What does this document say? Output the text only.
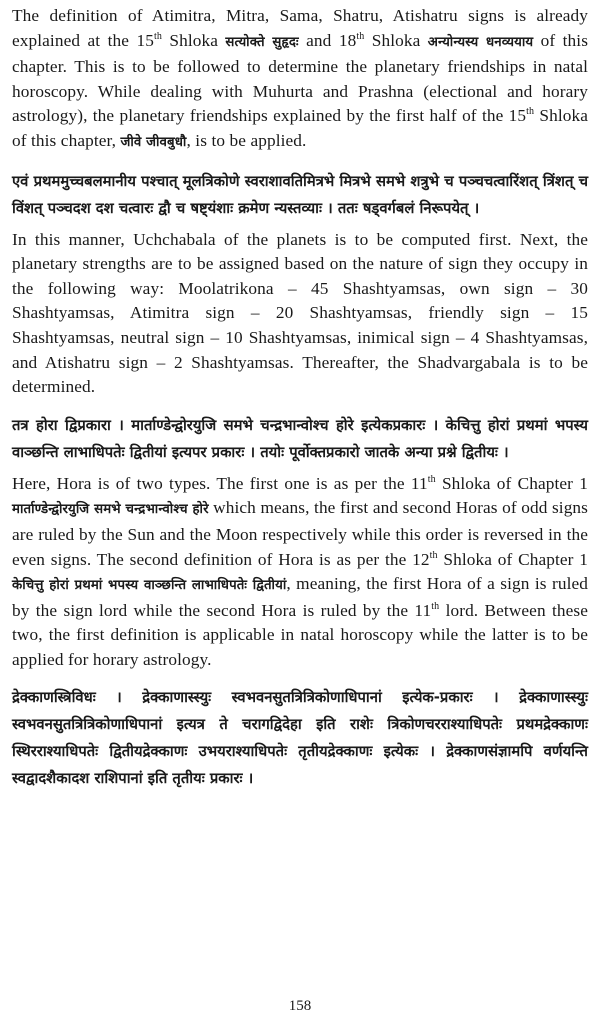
The definition of Atimitra, Mitra, Sama, Shatru, Atishatru signs is already explained at the 15th Shloka सत्योक्ते सुहृदः and 18th Shloka अन्योन्यस्य धनव्ययाय of this chapter. This is to be followed to determine the planetary friendships in natal horoscopy. While dealing with Muhurta and Prashna (electional and horary astrology), the planetary friendships explained by the first half of the 15th Shloka of this chapter, जीवे जीवबुधौ, is to be applied.

एवं प्रथममुच्चबलमानीय पश्चात् मूलत्रिकोणे स्वराशावतिमित्रभे मित्रभे समभे शत्रुभे च पञ्चचत्वारिंशत् त्रिंशत् च विंशत् पञ्चदश दश चत्वारः द्वौ च षष्ट्यंशाः क्रमेण न्यस्तव्याः । ततः षड्वर्गबलं निरूपयेत् ।

In this manner, Uchchabala of the planets is to be computed first. Next, the planetary strengths are to be assigned based on the nature of sign they occupy in the following way: Moolatrikona – 45 Shashtyamsas, own sign – 30 Shashtyamsas, Atimitra sign – 20 Shashtyamsas, friendly sign – 15 Shashtyamsas, neutral sign – 10 Shashtyamsas, inimical sign – 4 Shashtyamsas, and Atishatru sign – 2 Shashtyamsas. Thereafter, the Shadvargabala is to be determined.

तत्र होरा द्विप्रकारा । मार्ताण्डेन्द्वोरयुजि समभे चन्द्रभान्वोश्च होरे इत्येकप्रकारः । केचित्तु होरां प्रथमां भपस्य वाञ्छन्ति लाभाधिपतेः द्वितीयां इत्यपर प्रकारः । तयोः पूर्वोक्तप्रकारो जातके अन्या प्रश्ने द्वितीयः ।

Here, Hora is of two types. The first one is as per the 11th Shloka of Chapter 1 मार्ताण्डेन्द्वोरयुजि समभे चन्द्रभान्वोश्च होरे which means, the first and second Horas of odd signs are ruled by the Sun and the Moon respectively while this order is reversed in the even signs. The second definition of Hora is as per the 12th Shloka of Chapter 1 केचित्तु होरां प्रथमां भपस्य वाञ्छन्ति लाभाधिपतेः द्वितीयां, meaning, the first Hora of a sign is ruled by the sign lord while the second Hora is ruled by the 11th lord. Between these two, the first definition is applicable in natal horoscopy while the latter is to be applied for horary astrology.

द्रेक्काणस्त्रिविधः । द्रेक्काणास्स्युः स्वभवनसुतत्रित्रिकोणाधिपानां इत्येक-प्रकारः । द्रेक्काणास्स्युः स्वभवनसुतत्रित्रिकोणाधिपानां इत्यत्र ते चरागद्विदेहा इति राशेः त्रिकोणचरराश्याधिपतेः प्रथमद्रेक्काणः स्थिरराश्याधिपतेः द्वितीयद्रेक्काणः उभयराश्याधिपतेः तृतीयद्रेक्काणः इत्येकः । द्रेक्काणसंज्ञामपि वर्णयन्ति स्वद्वादशैकादश राशिपानां इति तृतीयः प्रकारः ।

158
